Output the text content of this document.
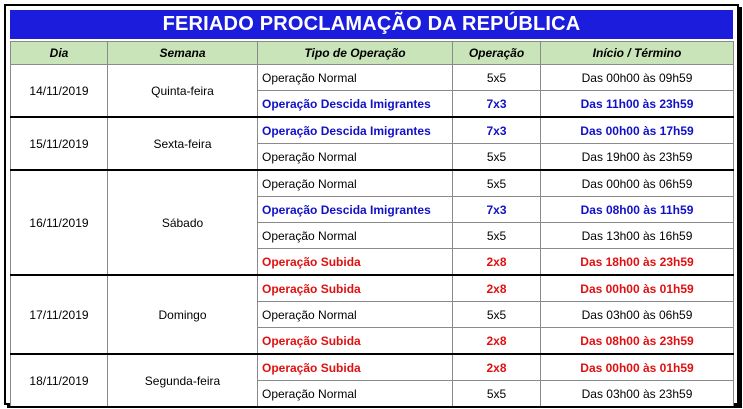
FERIADO PROCLAMAÇÃO DA REPÚBLICA
Dia	Semana	Tipo de Operação	Operação	Início / Término
14/11/2019	Quinta-feira	Operação Normal	5x5	Das 00h00 às 09h59
		Operação Descida Imigrantes	7x3	Das 11h00 às 23h59
15/11/2019	Sexta-feira	Operação Descida Imigrantes	7x3	Das 00h00 às 17h59
		Operação Normal	5x5	Das 19h00 às 23h59
16/11/2019	Sábado	Operação Normal	5x5	Das 00h00 às 06h59
		Operação Descida Imigrantes	7x3	Das 08h00 às 11h59
		Operação Normal	5x5	Das 13h00 às 16h59
		Operação Subida	2x8	Das 18h00 às 23h59
17/11/2019	Domingo	Operação Subida	2x8	Das 00h00 às 01h59
		Operação Normal	5x5	Das 03h00 às 06h59
		Operação Subida	2x8	Das 08h00 às 23h59
18/11/2019	Segunda-feira	Operação Subida	2x8	Das 00h00 às 01h59
		Operação Normal	5x5	Das 03h00 às 23h59
